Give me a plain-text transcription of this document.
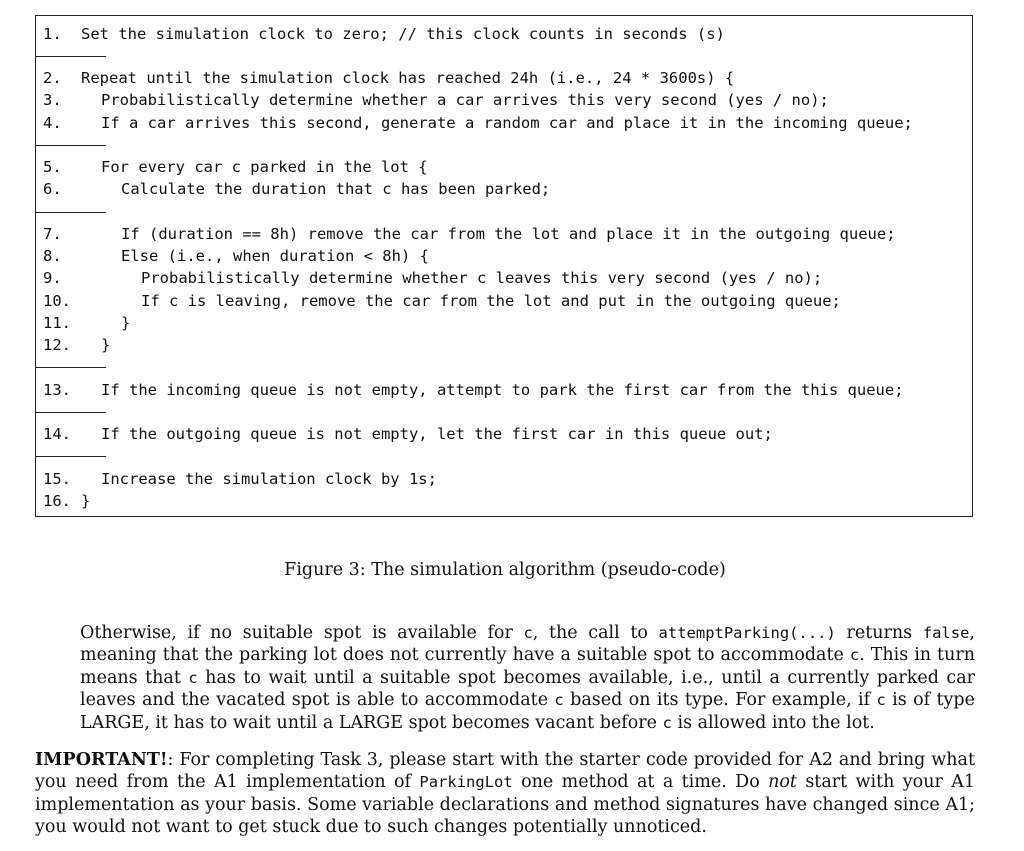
1. Set the simulation clock to zero; // this clock counts in seconds (s)
2. Repeat until the simulation clock has reached 24h (i.e., 24 * 3600s) {
3.	Probabilistically determine whether a car arrives this very second (yes / no);
4.	If a car arrives this second, generate a random car and place it in the incoming queue;
5.	For every car c parked in the lot {
6.	Calculate the duration that c has been parked;
7.	If (duration == 8h) remove the car from the lot and place it in the outgoing queue;
8.	Else (i.e., when duration < 8h) {
9.	Probabilistically determine whether c leaves this very second (yes / no);
10.	If c is leaving, remove the car from the lot and put in the outgoing queue;
11.	}
12. }
13. If the incoming queue is not empty, attempt to park the first car from the this queue;
14. If the outgoing queue is not empty, let the first car in this queue out;
15. Increase the simulation clock by 1s;
16. }
Figure 3: The simulation algorithm (pseudo-code)
Otherwise, if no suitable spot is available for c, the call to attemptParking(...) returns false, meaning that the parking lot does not currently have a suitable spot to accommodate c. This in turn means that c has to wait until a suitable spot becomes available, i.e., until a currently parked car leaves and the vacated spot is able to accommodate c based on its type. For example, if c is of type LARGE, it has to wait until a LARGE spot becomes vacant before c is allowed into the lot.
IMPORTANT!: For completing Task 3, please start with the starter code provided for A2 and bring what you need from the A1 implementation of ParkingLot one method at a time. Do not start with your A1 implementation as your basis. Some variable declarations and method signatures have changed since A1; you would not want to get stuck due to such changes potentially unnoticed.
